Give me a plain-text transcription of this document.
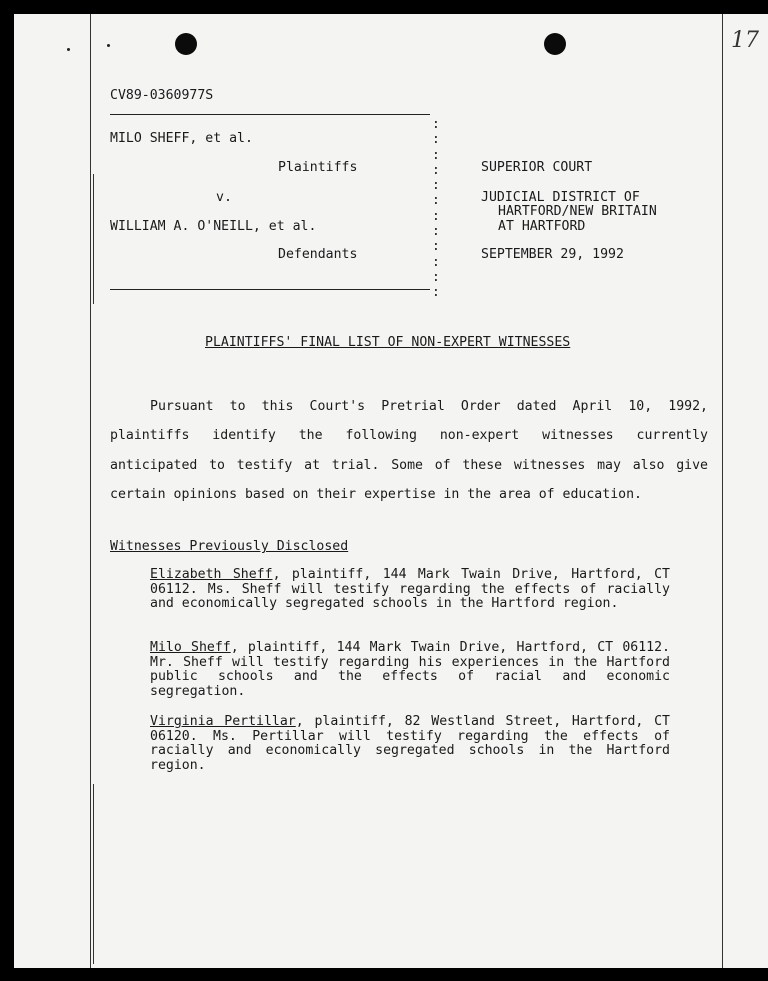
17
CV89-0360977S
MILO SHEFF, et al.
Plaintiffs
v.
WILLIAM A. O'NEILL, et al.
Defendants
:
:
:
:
:
:
:
:
:
:
:
:
SUPERIOR COURT
JUDICIAL DISTRICT OF
HARTFORD/NEW BRITAIN
AT HARTFORD
SEPTEMBER 29, 1992
PLAINTIFFS' FINAL LIST OF NON-EXPERT WITNESSES

Pursuant to this Court's Pretrial Order dated April 10, 1992, plaintiffs identify the following non-expert witnesses currently anticipated to testify at trial. Some of these witnesses may also give certain opinions based on their expertise in the area of education.

Witnesses Previously Disclosed

Elizabeth Sheff, plaintiff, 144 Mark Twain Drive, Hartford, CT 06112. Ms. Sheff will testify regarding the effects of racially and economically segregated schools in the Hartford region.

Milo Sheff, plaintiff, 144 Mark Twain Drive, Hartford, CT 06112. Mr. Sheff will testify regarding his experiences in the Hartford public schools and the effects of racial and economic segregation.

Virginia Pertillar, plaintiff, 82 Westland Street, Hartford, CT 06120. Ms. Pertillar will testify regarding the effects of racially and economically segregated schools in the Hartford region.
